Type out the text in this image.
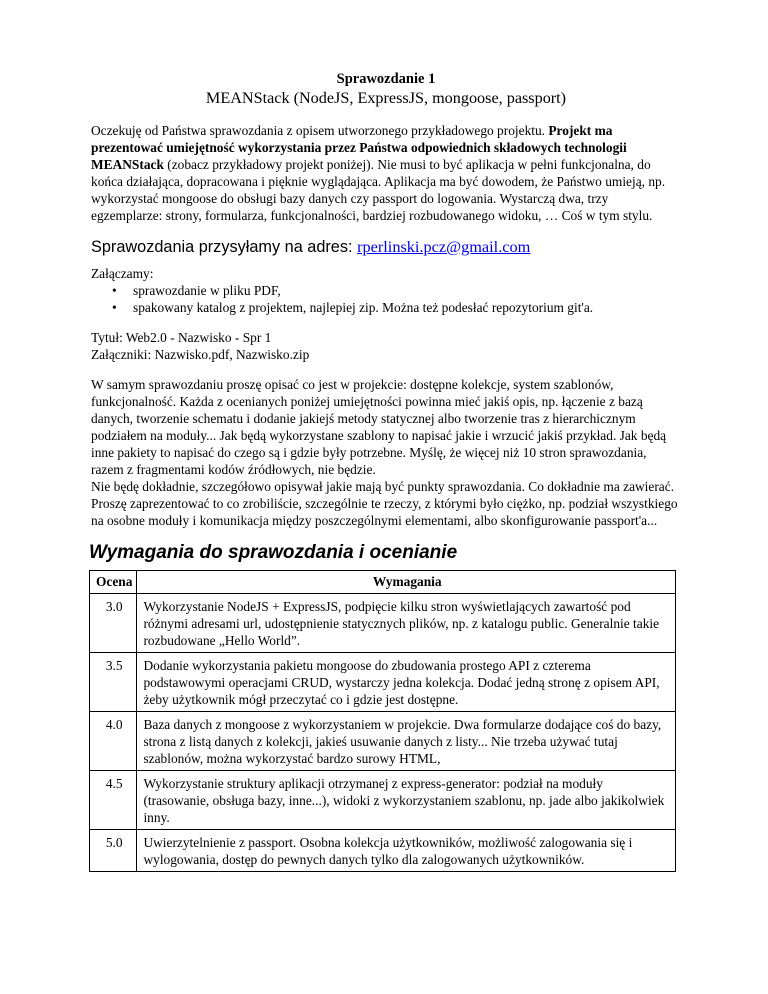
Sprawozdanie 1

MEANStack (NodeJS, ExpressJS, mongoose, passport)

Oczekuję od Państwa sprawozdania z opisem utworzonego przykładowego projektu. Projekt ma prezentować umiejętność wykorzystania przez Państwa odpowiednich składowych technologii MEANStack (zobacz przykładowy projekt poniżej). Nie musi to być aplikacja w pełni funkcjonalna, do końca działająca, dopracowana i pięknie wyglądająca. Aplikacja ma być dowodem, że Państwo umieją, np. wykorzystać mongoose do obsługi bazy danych czy passport do logowania. Wystarczą dwa, trzy egzemplarze: strony, formularza, funkcjonalności, bardziej rozbudowanego widoku, … Coś w tym stylu.

Sprawozdania przysyłamy na adres: rperlinski.pcz@gmail.com

Załączamy:

• sprawozdanie w pliku PDF,
• spakowany katalog z projektem, najlepiej zip. Można też podesłać repozytorium git'a.

Tytuł: Web2.0 - Nazwisko - Spr 1

Załączniki: Nazwisko.pdf, Nazwisko.zip

W samym sprawozdaniu proszę opisać co jest w projekcie: dostępne kolekcje, system szablonów, funkcjonalność. Każda z ocenianych poniżej umiejętności powinna mieć jakiś opis, np. łączenie z bazą danych, tworzenie schematu i dodanie jakiejś metody statycznej albo tworzenie tras z hierarchicznym podziałem na moduły... Jak będą wykorzystane szablony to napisać jakie i wrzucić jakiś przykład. Jak będą inne pakiety to napisać do czego są i gdzie były potrzebne. Myślę, że więcej niż 10 stron sprawozdania, razem z fragmentami kodów źródłowych, nie będzie.

Nie będę dokładnie, szczegółowo opisywał jakie mają być punkty sprawozdania. Co dokładnie ma zawierać. Proszę zaprezentować to co zrobiliście, szczególnie te rzeczy, z którymi było ciężko, np. podział wszystkiego na osobne moduły i komunikacja między poszczególnymi elementami, albo skonfigurowanie passport'a...

Wymagania do sprawozdania i ocenianie

Ocena	Wymagania
3.0	Wykorzystanie NodeJS + ExpressJS, podpięcie kilku stron wyświetlających zawartość pod różnymi adresami url, udostępnienie statycznych plików, np. z katalogu public. Generalnie takie rozbudowane „Hello World”.
3.5	Dodanie wykorzystania pakietu mongoose do zbudowania prostego API z czterema podstawowymi operacjami CRUD, wystarczy jedna kolekcja. Dodać jedną stronę z opisem API, żeby użytkownik mógł przeczytać co i gdzie jest dostępne.
4.0	Baza danych z mongoose z wykorzystaniem w projekcie. Dwa formularze dodające coś do bazy, strona z listą danych z kolekcji, jakieś usuwanie danych z listy... Nie trzeba używać tutaj szablonów, można wykorzystać bardzo surowy HTML,
4.5	Wykorzystanie struktury aplikacji otrzymanej z express-generator: podział na moduły (trasowanie, obsługa bazy, inne...), widoki z wykorzystaniem szablonu, np. jade albo jakikolwiek inny.
5.0	Uwierzytelnienie z passport. Osobna kolekcja użytkowników, możliwość zalogowania się i wylogowania, dostęp do pewnych danych tylko dla zalogowanych użytkowników.
